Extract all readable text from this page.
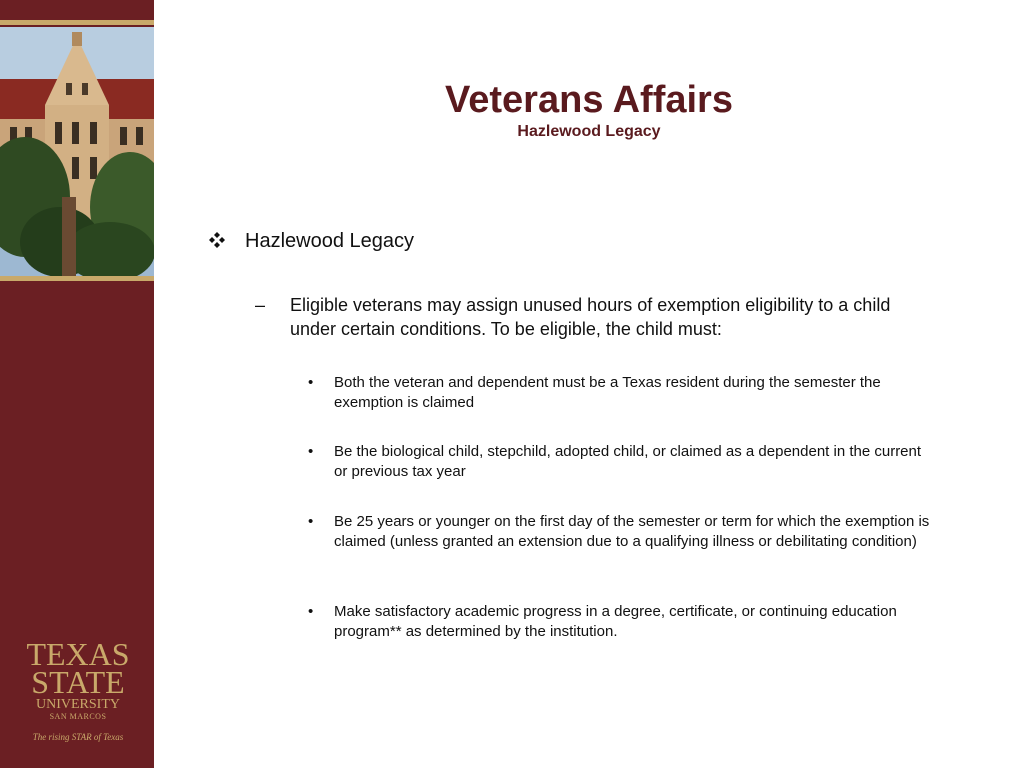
TEXAS
STATE
UNIVERSITY
SAN MARCOS
The rising STAR of Texas
Veterans Affairs
Hazlewood Legacy
Hazlewood Legacy
– Eligible veterans may assign unused hours of exemption eligibility to a child under certain conditions. To be eligible, the child must:
• Both the veteran and dependent must be a Texas resident during the semester the exemption is claimed
• Be the biological child, stepchild, adopted child, or claimed as a dependent in the current or previous tax year
• Be 25 years or younger on the first day of the semester or term for which the exemption is claimed (unless granted an extension due to a qualifying illness or debilitating condition)
• Make satisfactory academic progress in a degree, certificate, or continuing education program** as determined by the institution.
